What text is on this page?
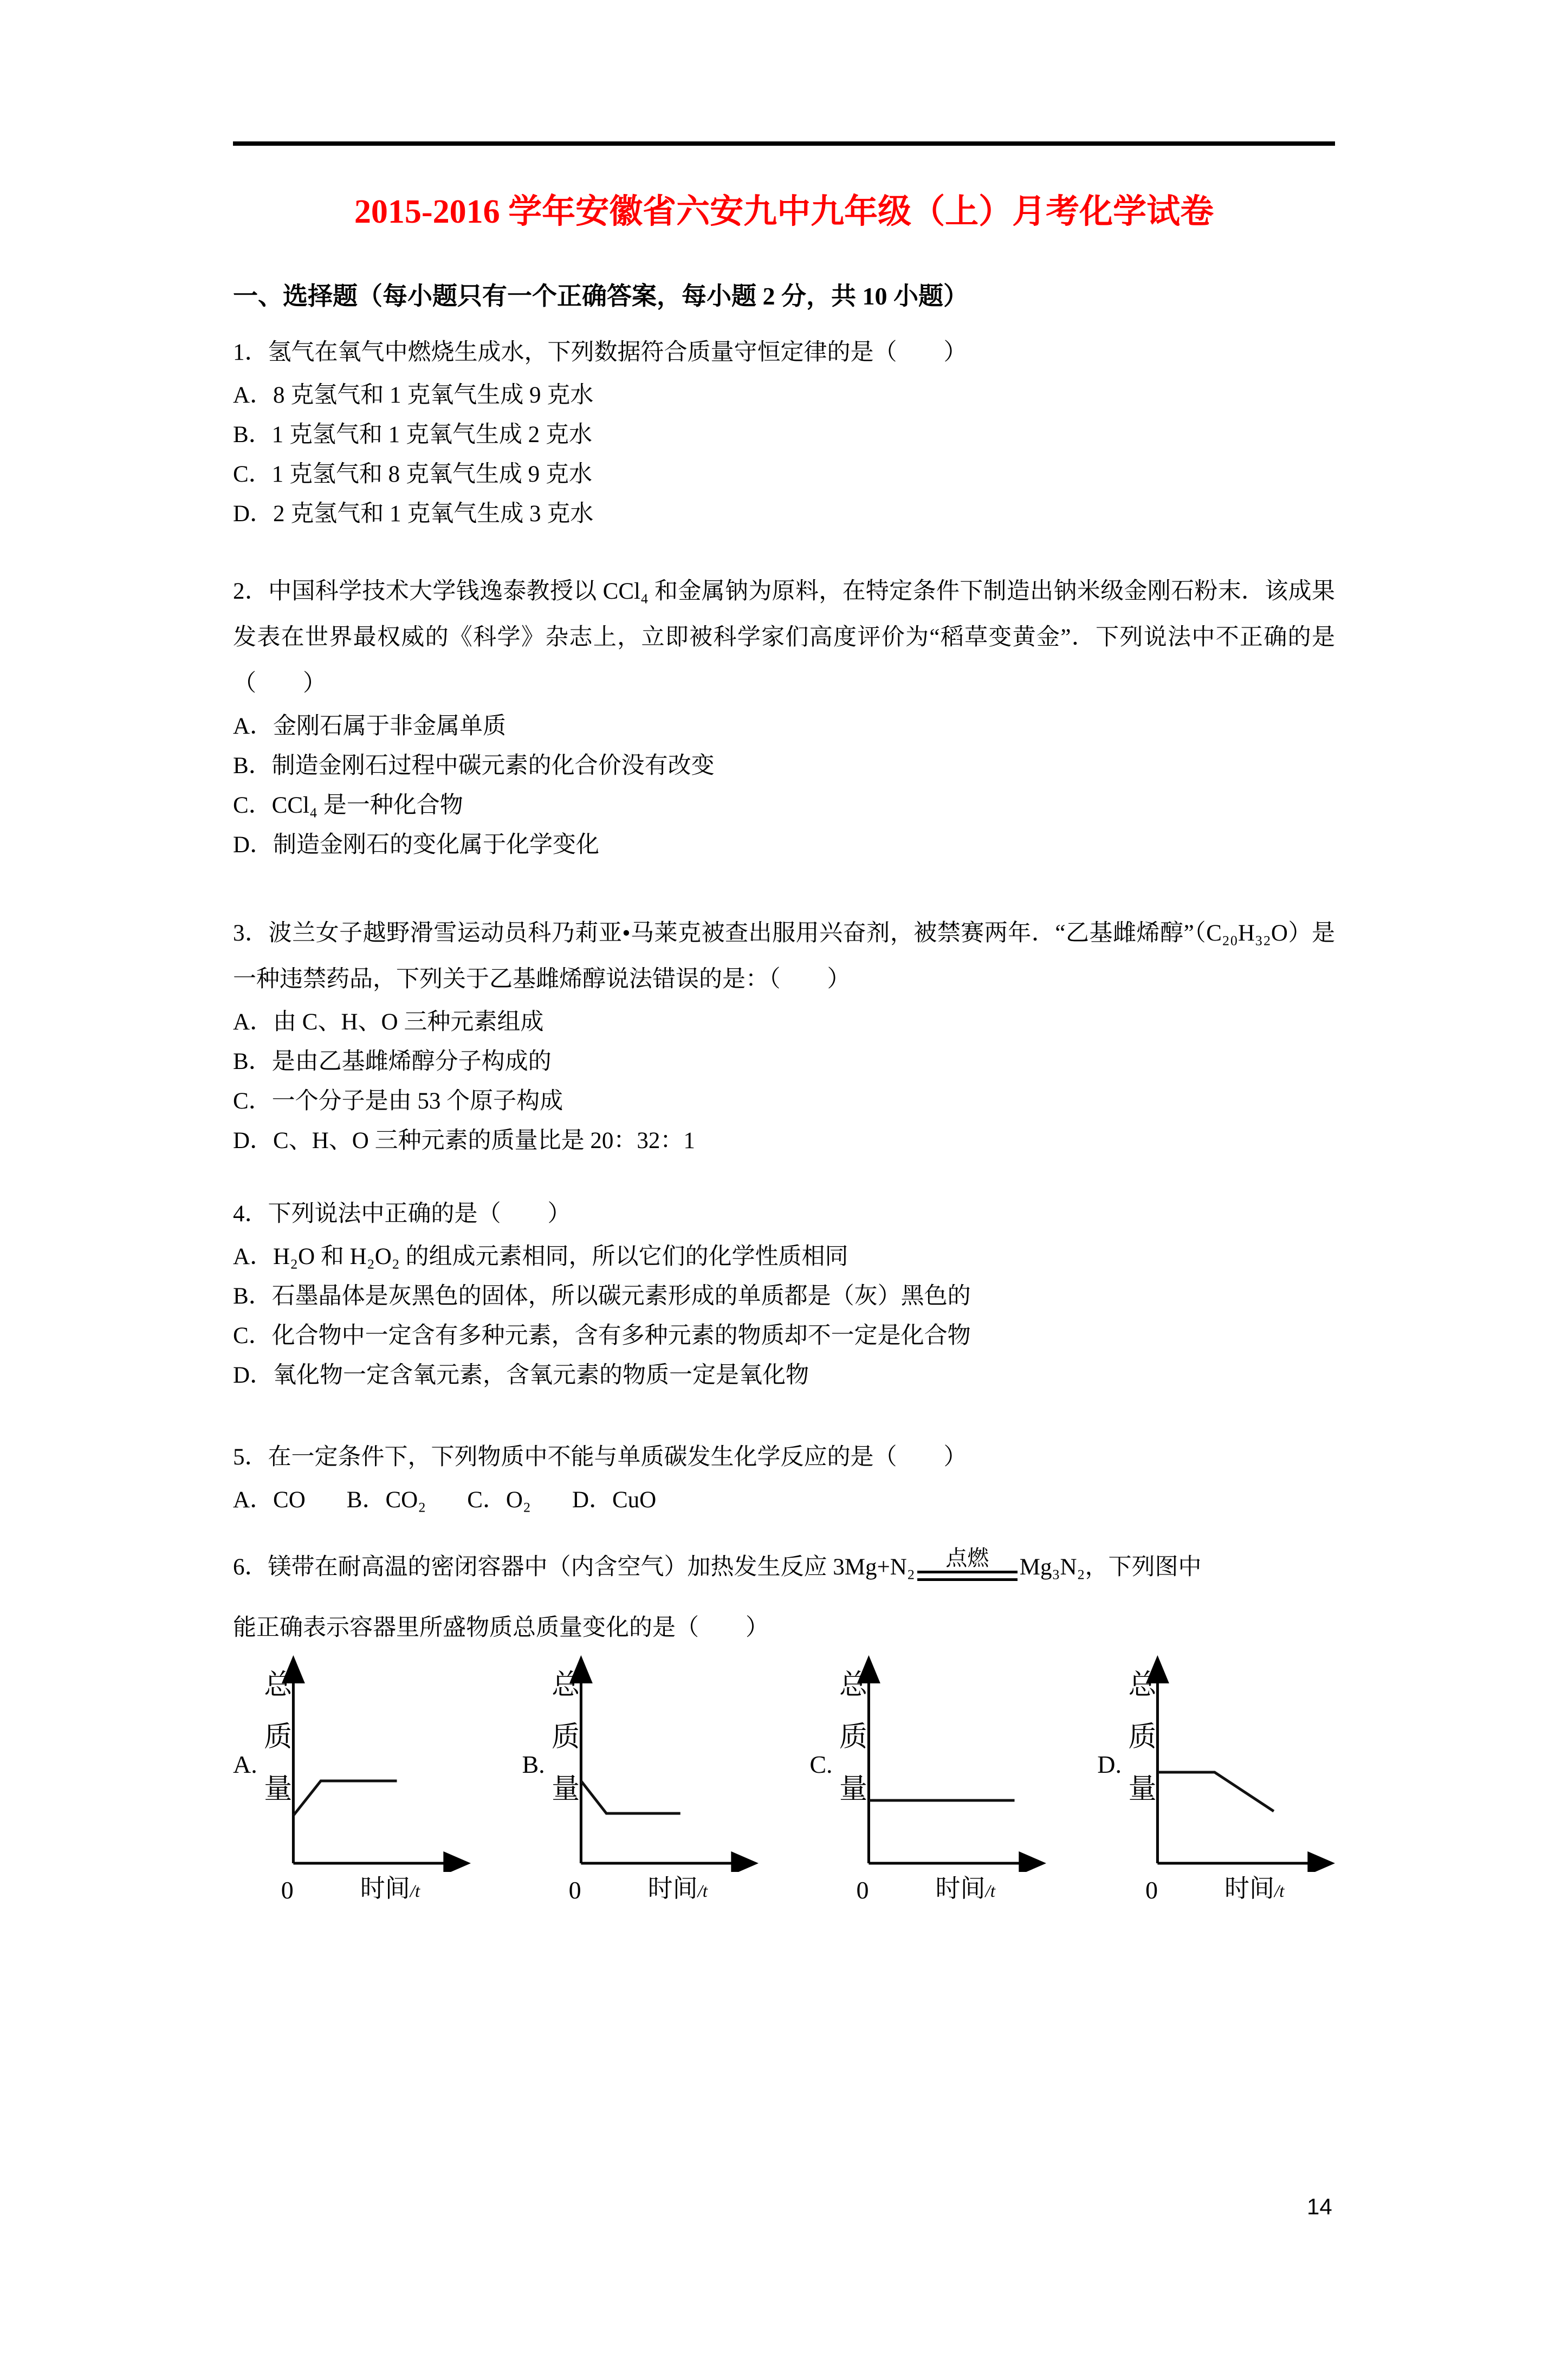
2015-2016 学年安徽省六安九中九年级（上）月考化学试卷
一、选择题（每小题只有一个正确答案，每小题 2 分，共 10 小题）
1．氢气在氧气中燃烧生成水，下列数据符合质量守恒定律的是（　　）
A．8 克氢气和 1 克氧气生成 9 克水
B．1 克氢气和 1 克氧气生成 2 克水
C．1 克氢气和 8 克氧气生成 9 克水
D．2 克氢气和 1 克氧气生成 3 克水
2．中国科学技术大学钱逸泰教授以 CCl₄ 和金属钠为原料，在特定条件下制造出钠米级金刚石粉末．该成果发表在世界最权威的《科学》杂志上，立即被科学家们高度评价为“稻草变黄金”．下列说法中不正确的是（　　）
A．金刚石属于非金属单质
B．制造金刚石过程中碳元素的化合价没有改变
C．CCl₄ 是一种化合物
D．制造金刚石的变化属于化学变化
3．波兰女子越野滑雪运动员科乃莉亚•马莱克被查出服用兴奋剂，被禁赛两年．“乙基雌烯醇”（C₂₀H₃₂O）是一种违禁药品，下列关于乙基雌烯醇说法错误的是：（　　）
A．由 C、H、O 三种元素组成
B．是由乙基雌烯醇分子构成的
C．一个分子是由 53 个原子构成
D．C、H、O 三种元素的质量比是 20：32：1
4．下列说法中正确的是（　　）
A．H₂O 和 H₂O₂ 的组成元素相同，所以它们的化学性质相同
B．石墨晶体是灰黑色的固体，所以碳元素形成的单质都是（灰）黑色的
C．化合物中一定含有多种元素，含有多种元素的物质却不一定是化合物
D．氧化物一定含氧元素，含氧元素的物质一定是氧化物
5．在一定条件下，下列物质中不能与单质碳发生化学反应的是（　　）
A．CO B．CO₂ C．O₂ D．CuO
6．镁带在耐高温的密闭容器中（内含空气）加热发生反应 3Mg+N₂ 点燃 Mg₃N₂，下列图中
能正确表示容器里所盛物质总质量变化的是（　　）
A. 总质量
0	时间/t
B. 总质量
0	时间/t
C. 总质量
0	时间/t
D. 总质量
0	时间/t
14
